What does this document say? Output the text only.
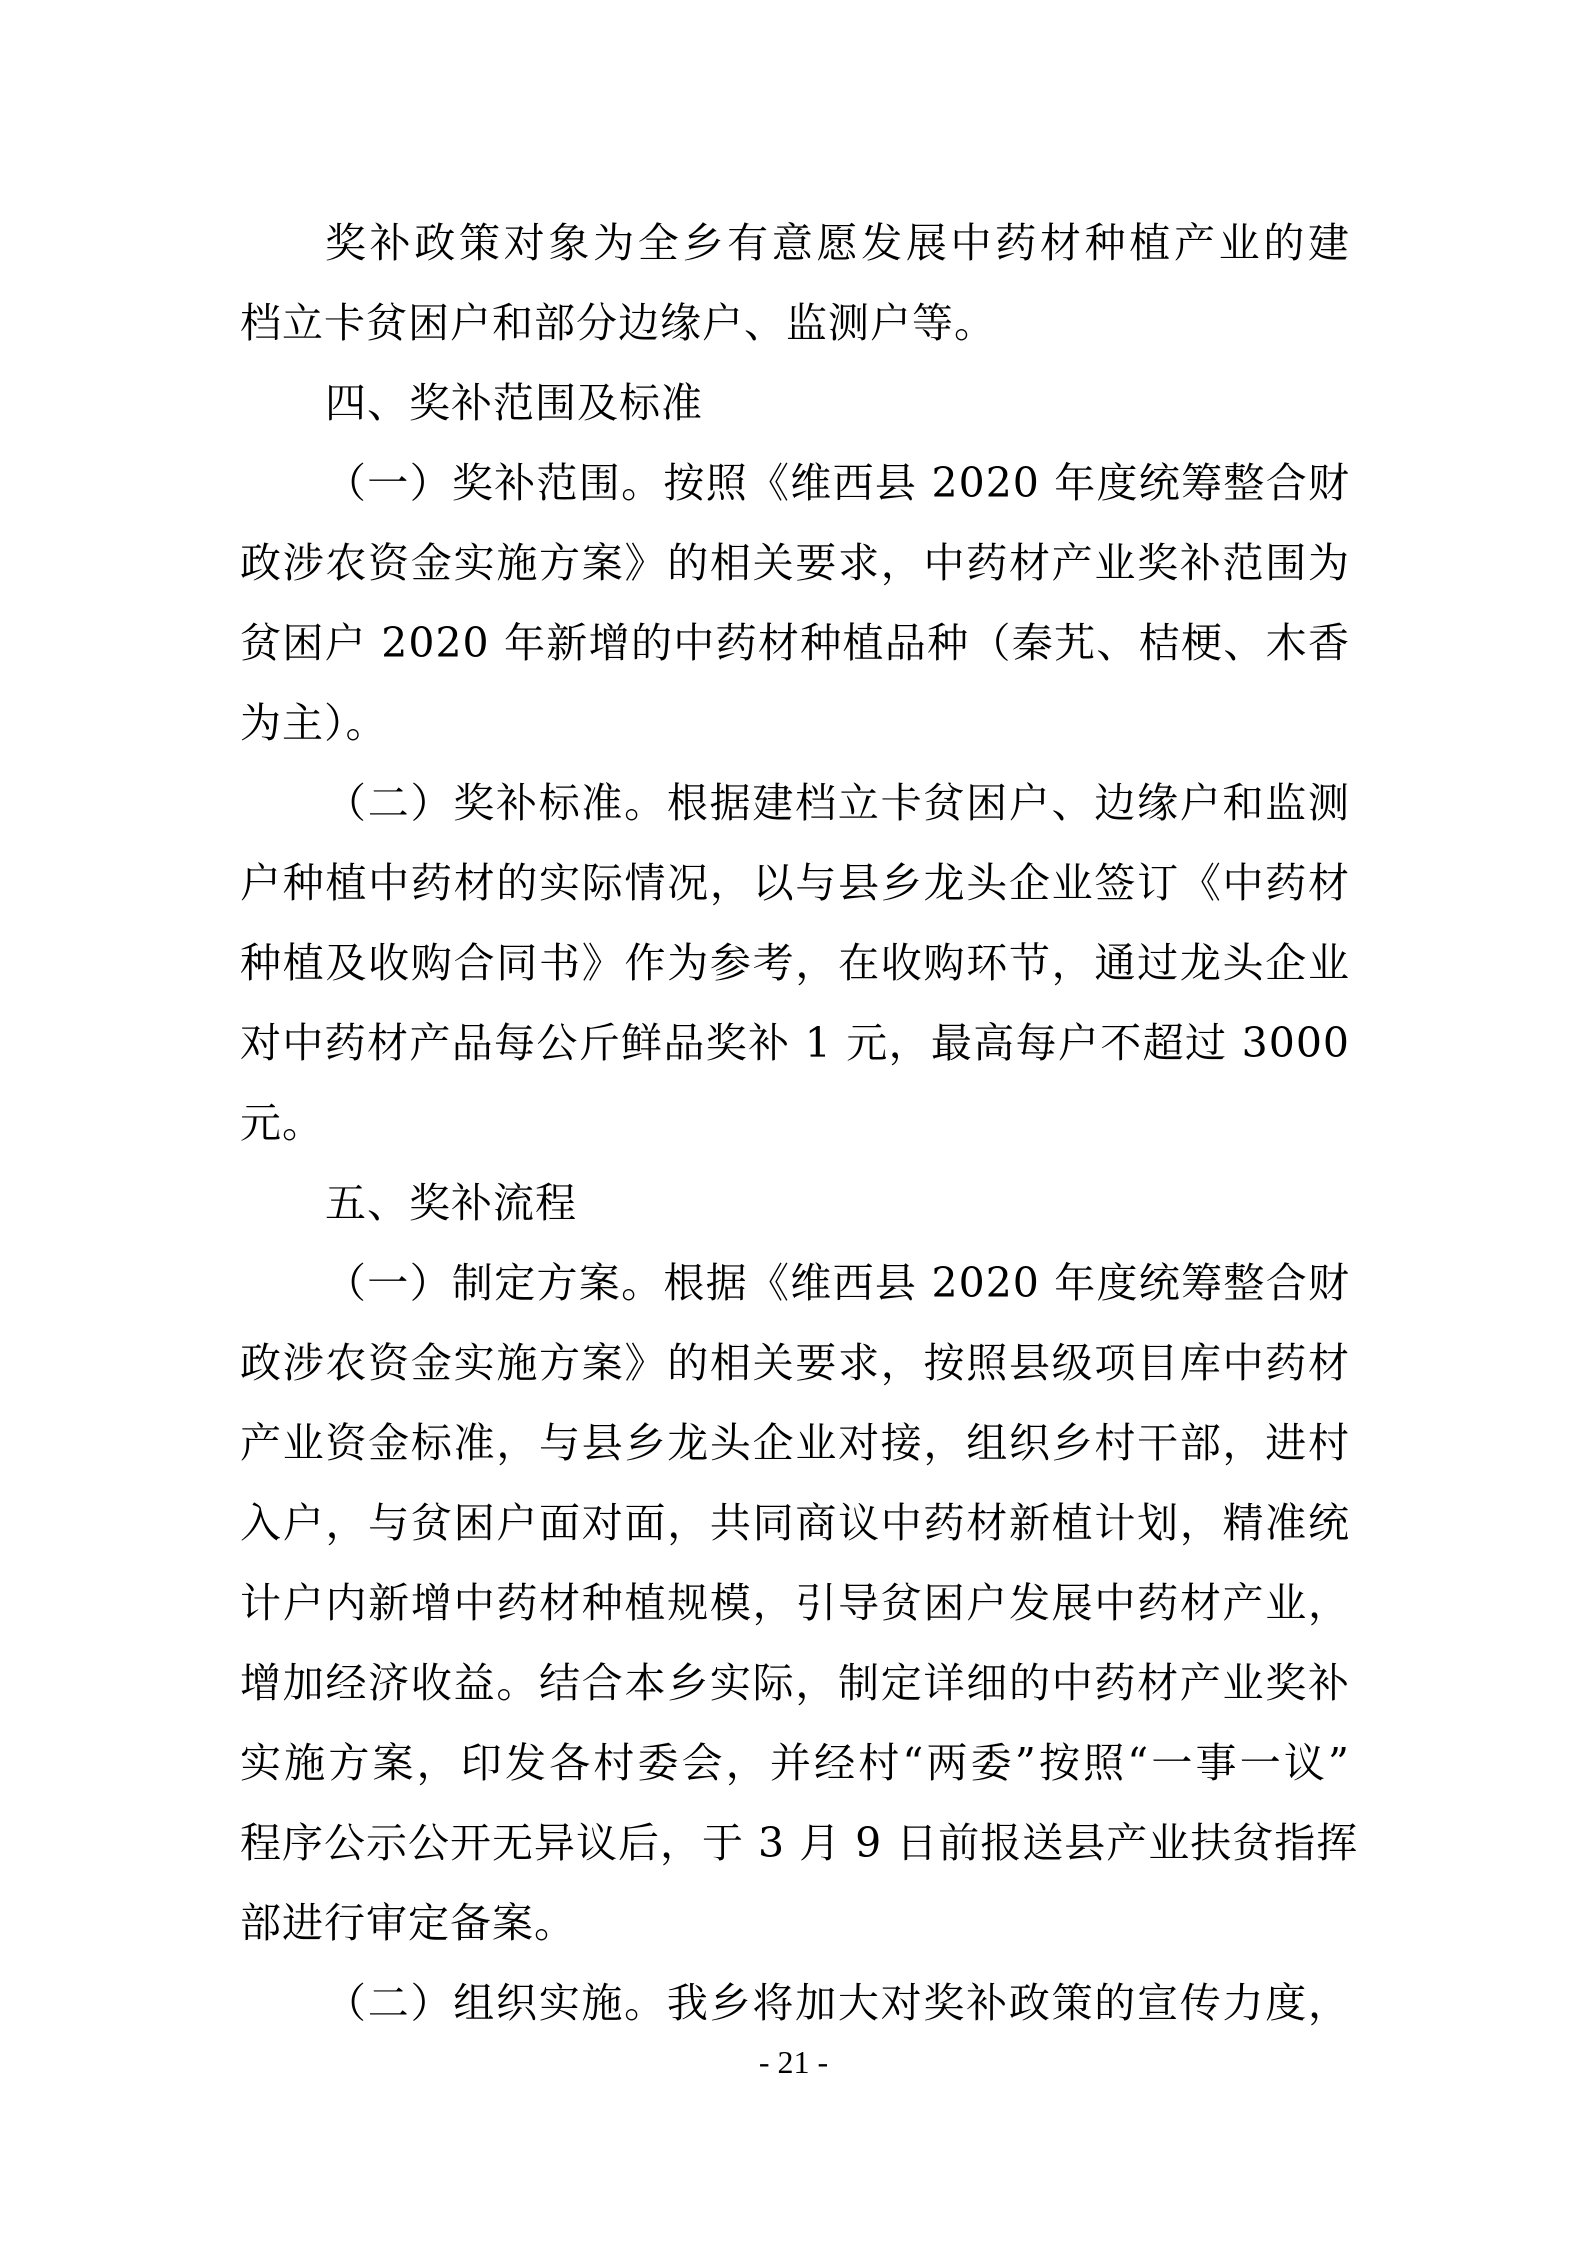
奖补政策对象为全乡有意愿发展中药材种植产业的建
档立卡贫困户和部分边缘户、监测户等。
四、奖补范围及标准
（一）奖补范围。按照《维西县 2020 年度统筹整合财
政涉农资金实施方案》的相关要求，中药材产业奖补范围为
贫困户 2020 年新增的中药材种植品种（秦艽、桔梗、木香
为主）。
（二）奖补标准。根据建档立卡贫困户、边缘户和监测
户种植中药材的实际情况，以与县乡龙头企业签订《中药材
种植及收购合同书》作为参考，在收购环节，通过龙头企业
对中药材产品每公斤鲜品奖补 1 元，最高每户不超过 3000
元。
五、奖补流程
（一）制定方案。根据《维西县 2020 年度统筹整合财
政涉农资金实施方案》的相关要求，按照县级项目库中药材
产业资金标准，与县乡龙头企业对接，组织乡村干部，进村
入户，与贫困户面对面，共同商议中药材新植计划，精准统
计户内新增中药材种植规模，引导贫困户发展中药材产业，
增加经济收益。结合本乡实际，制定详细的中药材产业奖补
实施方案，印发各村委会，并经村“两委”按照“一事一议”
程序公示公开无异议后，于 3 月 9 日前报送县产业扶贫指挥
部进行审定备案。
（二）组织实施。我乡将加大对奖补政策的宣传力度，
- 21 -
